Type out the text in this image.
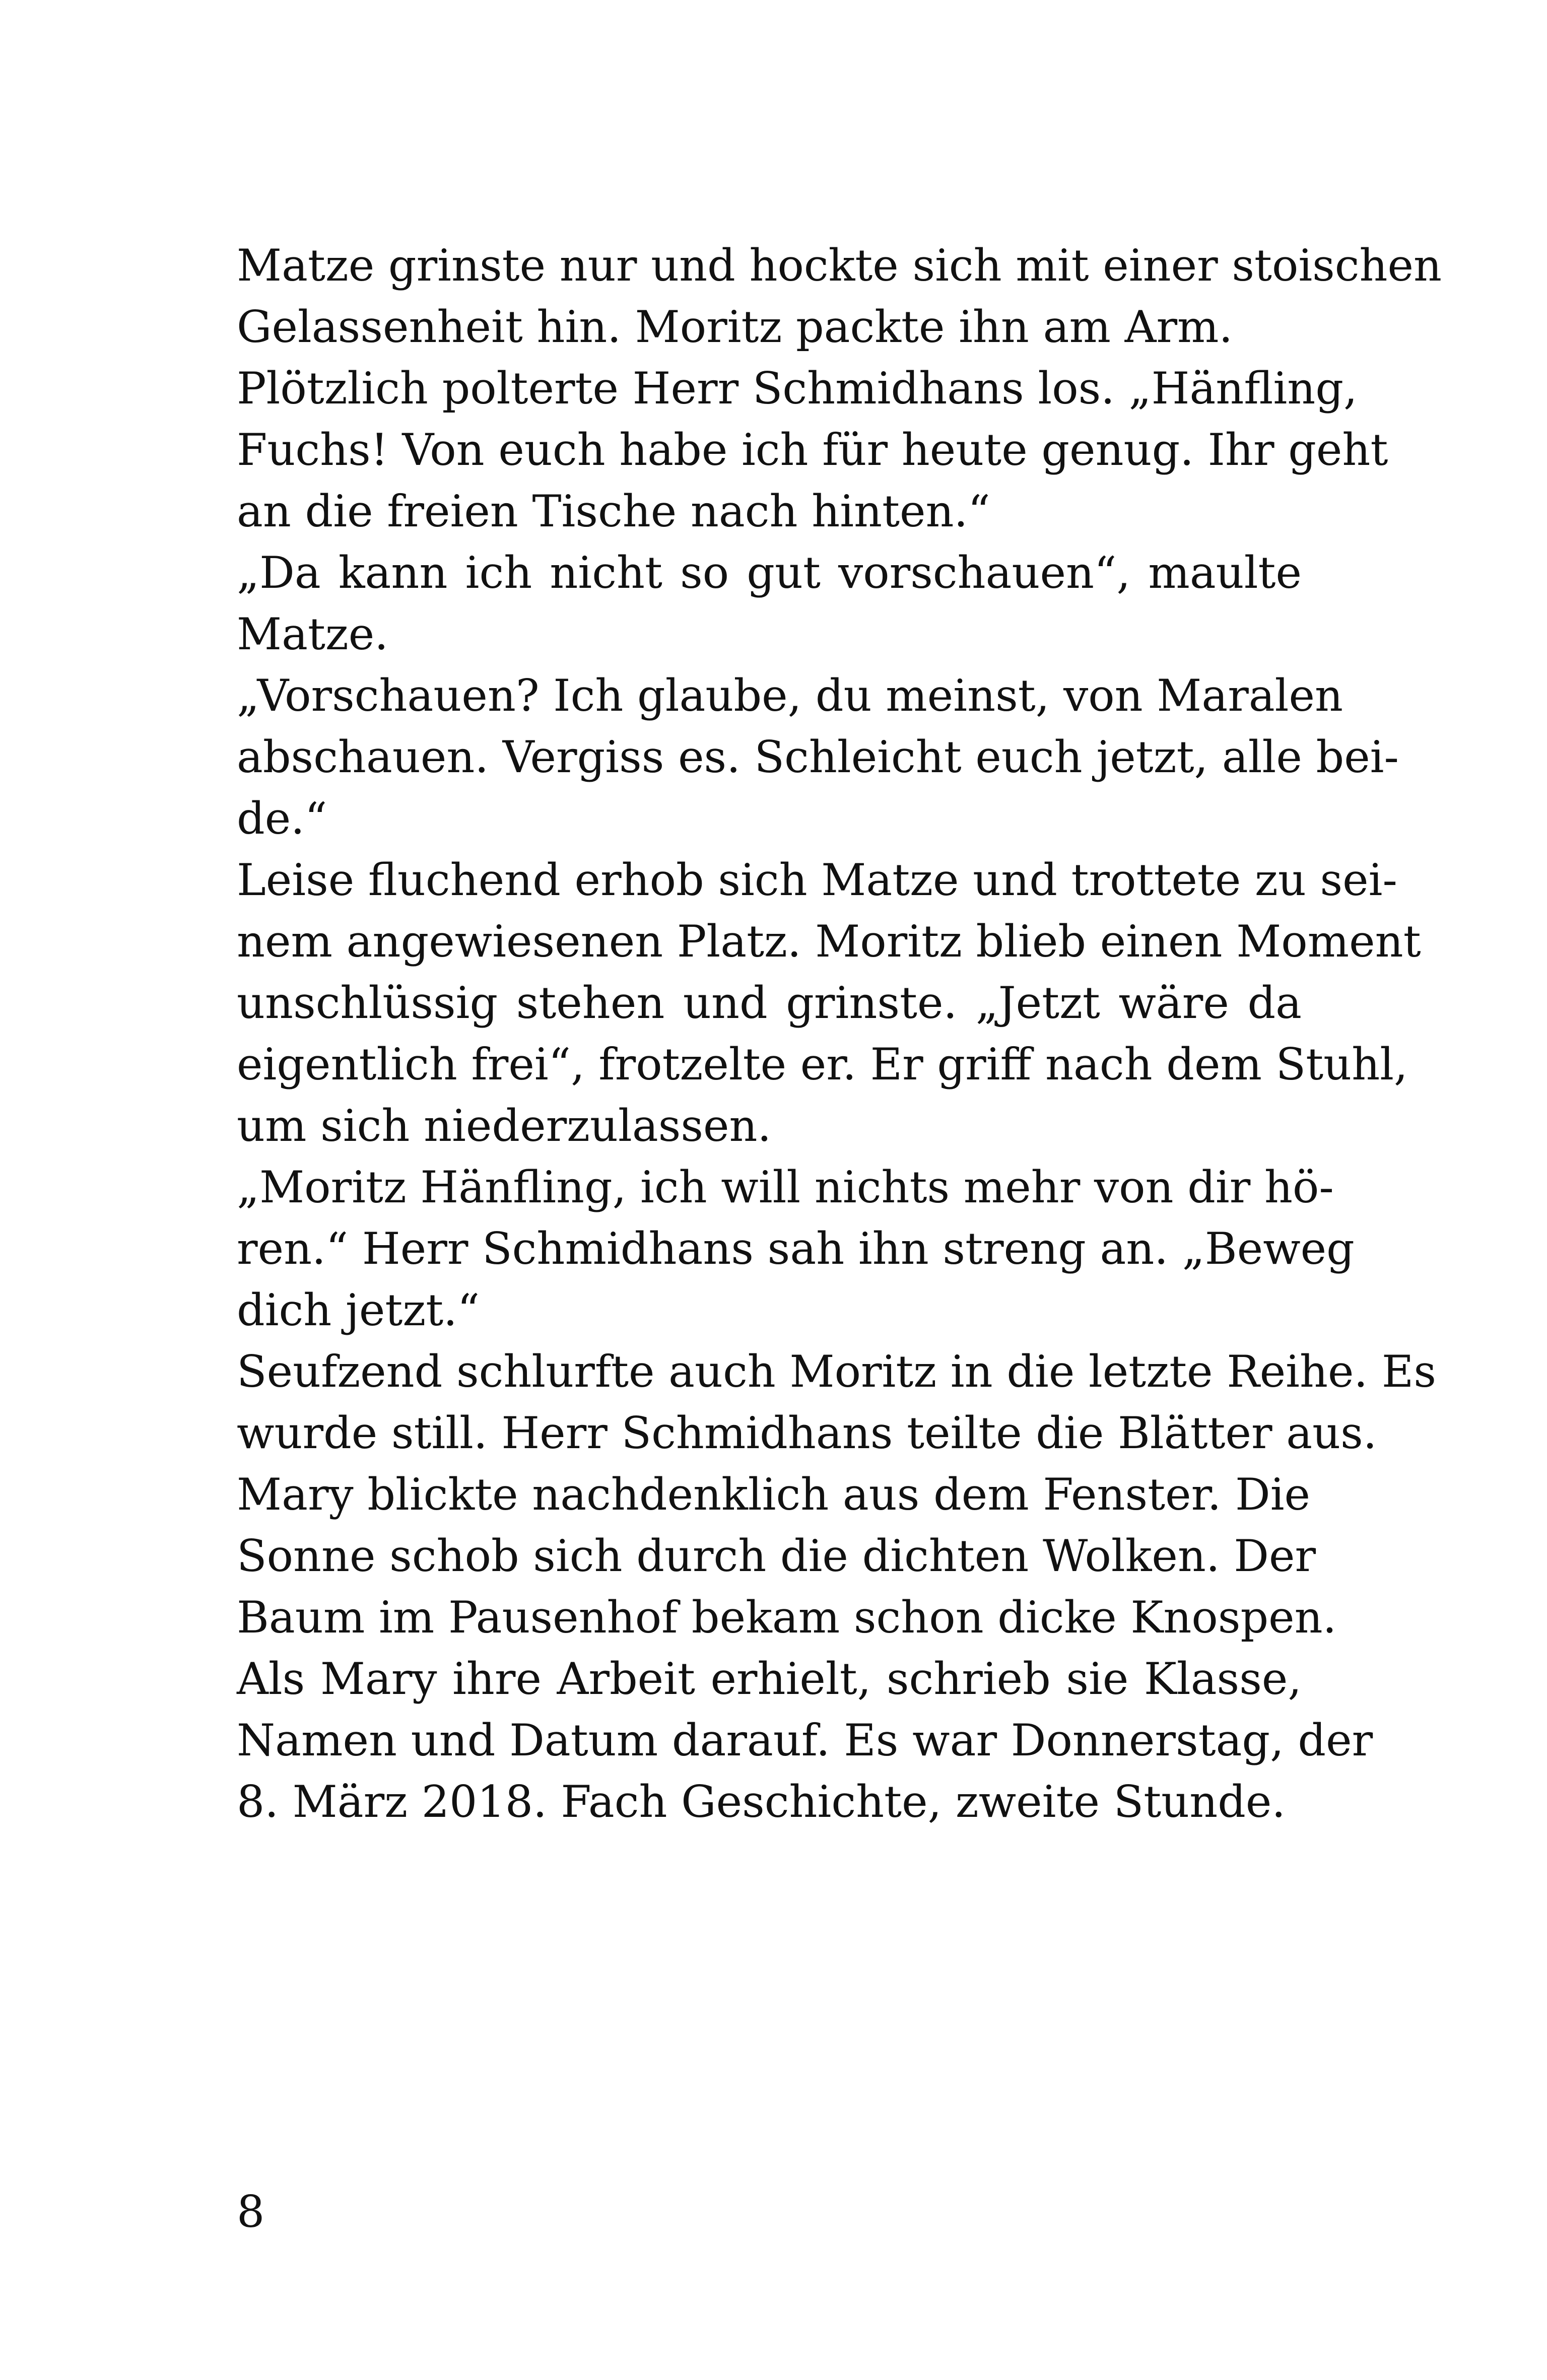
Matze grinste nur und hockte sich mit einer stoischen
Gelassenheit hin. Moritz packte ihn am Arm.
Plötzlich polterte Herr Schmidhans los. „Hänfling,
Fuchs! Von euch habe ich für heute genug. Ihr geht
an die freien Tische nach hinten.“
„Da kann ich nicht so gut vorschauen“, maulte
Matze.
„Vorschauen? Ich glaube, du meinst, von Maralen
abschauen. Vergiss es. Schleicht euch jetzt, alle bei-
de.“
Leise fluchend erhob sich Matze und trottete zu sei-
nem angewiesenen Platz. Moritz blieb einen Moment
unschlüssig stehen und grinste. „Jetzt wäre da
eigentlich frei“, frotzelte er. Er griff nach dem Stuhl,
um sich niederzulassen.
„Moritz Hänfling, ich will nichts mehr von dir hö-
ren.“ Herr Schmidhans sah ihn streng an. „Beweg
dich jetzt.“
Seufzend schlurfte auch Moritz in die letzte Reihe. Es
wurde still. Herr Schmidhans teilte die Blätter aus.
Mary blickte nachdenklich aus dem Fenster. Die
Sonne schob sich durch die dichten Wolken. Der
Baum im Pausenhof bekam schon dicke Knospen.
Als Mary ihre Arbeit erhielt, schrieb sie Klasse,
Namen und Datum darauf. Es war Donnerstag, der
8. März 2018. Fach Geschichte, zweite Stunde.
8
